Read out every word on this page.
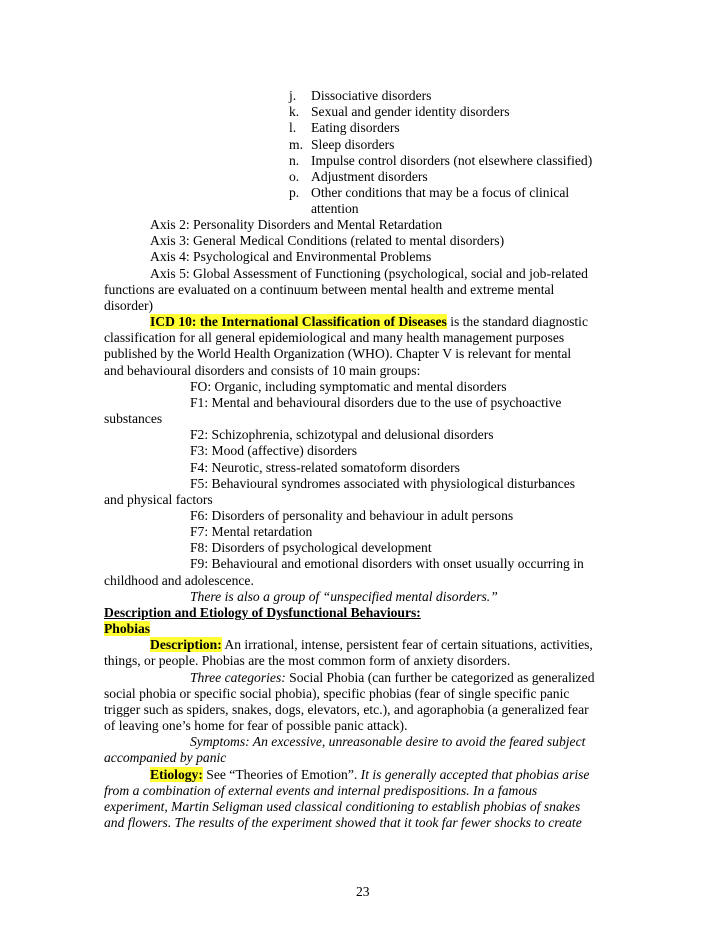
j. Dissociative disorders
k. Sexual and gender identity disorders
l. Eating disorders
m. Sleep disorders
n. Impulse control disorders (not elsewhere classified)
o. Adjustment disorders
p. Other conditions that may be a focus of clinical
attention
Axis 2: Personality Disorders and Mental Retardation
Axis 3: General Medical Conditions (related to mental disorders)
Axis 4: Psychological and Environmental Problems
Axis 5: Global Assessment of Functioning (psychological, social and job-related
functions are evaluated on a continuum between mental health and extreme mental
disorder)
ICD 10: the International Classification of Diseases is the standard diagnostic
classification for all general epidemiological and many health management purposes
published by the World Health Organization (WHO). Chapter V is relevant for mental
and behavioural disorders and consists of 10 main groups:
FO: Organic, including symptomatic and mental disorders
F1: Mental and behavioural disorders due to the use of psychoactive
substances
F2: Schizophrenia, schizotypal and delusional disorders
F3: Mood (affective) disorders
F4: Neurotic, stress-related somatoform disorders
F5: Behavioural syndromes associated with physiological disturbances
and physical factors
F6: Disorders of personality and behaviour in adult persons
F7: Mental retardation
F8: Disorders of psychological development
F9: Behavioural and emotional disorders with onset usually occurring in
childhood and adolescence.
There is also a group of “unspecified mental disorders.”
Description and Etiology of Dysfunctional Behaviours:
Phobias
Description: An irrational, intense, persistent fear of certain situations, activities,
things, or people. Phobias are the most common form of anxiety disorders.
Three categories: Social Phobia (can further be categorized as generalized
social phobia or specific social phobia), specific phobias (fear of single specific panic
trigger such as spiders, snakes, dogs, elevators, etc.), and agoraphobia (a generalized fear
of leaving one’s home for fear of possible panic attack).
Symptoms: An excessive, unreasonable desire to avoid the feared subject
accompanied by panic
Etiology: See “Theories of Emotion”. It is generally accepted that phobias arise
from a combination of external events and internal predispositions. In a famous
experiment, Martin Seligman used classical conditioning to establish phobias of snakes
and flowers. The results of the experiment showed that it took far fewer shocks to create
23
